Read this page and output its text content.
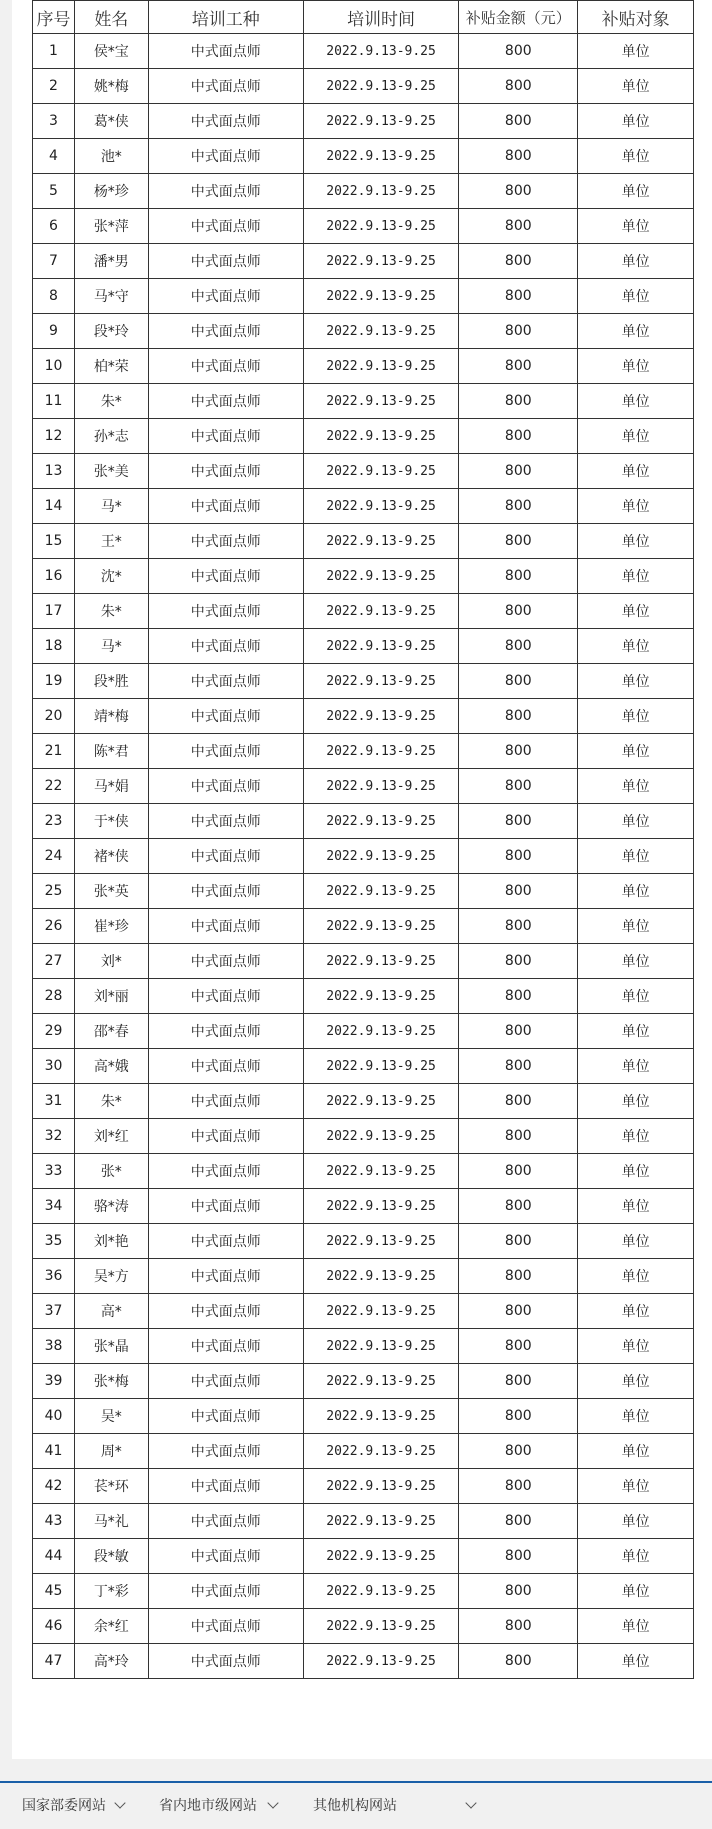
序号	姓名	培训工种	培训时间	补贴金额（元）	补贴对象
1	侯*宝	中式面点师	2022.9.13-9.25	800	单位
2	姚*梅	中式面点师	2022.9.13-9.25	800	单位
3	葛*侠	中式面点师	2022.9.13-9.25	800	单位
4	池*	中式面点师	2022.9.13-9.25	800	单位
5	杨*珍	中式面点师	2022.9.13-9.25	800	单位
6	张*萍	中式面点师	2022.9.13-9.25	800	单位
7	潘*男	中式面点师	2022.9.13-9.25	800	单位
8	马*守	中式面点师	2022.9.13-9.25	800	单位
9	段*玲	中式面点师	2022.9.13-9.25	800	单位
10	柏*荣	中式面点师	2022.9.13-9.25	800	单位
11	朱*	中式面点师	2022.9.13-9.25	800	单位
12	孙*志	中式面点师	2022.9.13-9.25	800	单位
13	张*美	中式面点师	2022.9.13-9.25	800	单位
14	马*	中式面点师	2022.9.13-9.25	800	单位
15	王*	中式面点师	2022.9.13-9.25	800	单位
16	沈*	中式面点师	2022.9.13-9.25	800	单位
17	朱*	中式面点师	2022.9.13-9.25	800	单位
18	马*	中式面点师	2022.9.13-9.25	800	单位
19	段*胜	中式面点师	2022.9.13-9.25	800	单位
20	靖*梅	中式面点师	2022.9.13-9.25	800	单位
21	陈*君	中式面点师	2022.9.13-9.25	800	单位
22	马*娟	中式面点师	2022.9.13-9.25	800	单位
23	于*侠	中式面点师	2022.9.13-9.25	800	单位
24	褚*侠	中式面点师	2022.9.13-9.25	800	单位
25	张*英	中式面点师	2022.9.13-9.25	800	单位
26	崔*珍	中式面点师	2022.9.13-9.25	800	单位
27	刘*	中式面点师	2022.9.13-9.25	800	单位
28	刘*丽	中式面点师	2022.9.13-9.25	800	单位
29	邵*春	中式面点师	2022.9.13-9.25	800	单位
30	高*娥	中式面点师	2022.9.13-9.25	800	单位
31	朱*	中式面点师	2022.9.13-9.25	800	单位
32	刘*红	中式面点师	2022.9.13-9.25	800	单位
33	张*	中式面点师	2022.9.13-9.25	800	单位
34	骆*涛	中式面点师	2022.9.13-9.25	800	单位
35	刘*艳	中式面点师	2022.9.13-9.25	800	单位
36	吴*方	中式面点师	2022.9.13-9.25	800	单位
37	高*	中式面点师	2022.9.13-9.25	800	单位
38	张*晶	中式面点师	2022.9.13-9.25	800	单位
39	张*梅	中式面点师	2022.9.13-9.25	800	单位
40	吴*	中式面点师	2022.9.13-9.25	800	单位
41	周*	中式面点师	2022.9.13-9.25	800	单位
42	苌*环	中式面点师	2022.9.13-9.25	800	单位
43	马*礼	中式面点师	2022.9.13-9.25	800	单位
44	段*敏	中式面点师	2022.9.13-9.25	800	单位
45	丁*彩	中式面点师	2022.9.13-9.25	800	单位
46	余*红	中式面点师	2022.9.13-9.25	800	单位
47	高*玲	中式面点师	2022.9.13-9.25	800	单位
国家部委网站	省内地市级网站	其他机构网站
